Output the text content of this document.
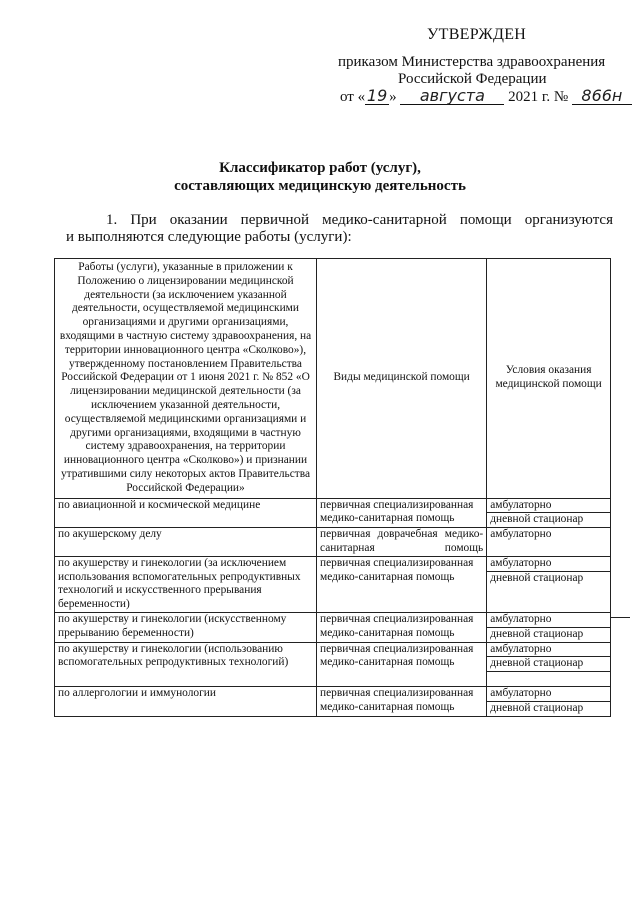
УТВЕРЖДЕН
приказом Министерства здравоохранения
Российской Федерации
от « 19 » августа 2021 г. № 866н
Классификатор работ (услуг),
составляющих медицинскую деятельность
1. При оказании первичной медико-санитарной помощи организуются
и выполняются следующие работы (услуги):
Работы (услуги), указанные в приложении к Положению о лицензировании медицинской деятельности (за исключением указанной деятельности, осуществляемой медицинскими организациями и другими организациями, входящими в частную систему здравоохранения, на территории инновационного центра «Сколково»), утвержденному постановлением Правительства Российской Федерации от 1 июня 2021 г. № 852 «О лицензировании медицинской деятельности (за исключением указанной деятельности, осуществляемой медицинскими организациями и другими организациями, входящими в частную систему здравоохранения, на территории инновационного центра «Сколково») и признании утратившими силу некоторых актов Правительства Российской Федерации»	Виды медицинской помощи	Условия оказания медицинской помощи
по авиационной и космической медицине	первичная специализированная медико-санитарная помощь	амбулаторно
дневной стационар

по акушерскому делу	первичная доврачебная медико-санитарная помощь	амбулаторно

по акушерству и гинекологии (за исключением использования вспомогательных репродуктивных технологий и искусственного прерывания беременности)	первичная специализированная медико-санитарная помощь	амбулаторно
дневной стационар

по акушерству и гинекологии (искусственному прерыванию беременности)	первичная специализированная медико-санитарная помощь	амбулаторно
дневной стационар

по акушерству и гинекологии (использованию вспомогательных репродуктивных технологий)	первичная специализированная медико-санитарная помощь	амбулаторно
дневной стационар

по аллергологии и иммунологии	первичная специализированная медико-санитарная помощь	амбулаторно
дневной стационар
